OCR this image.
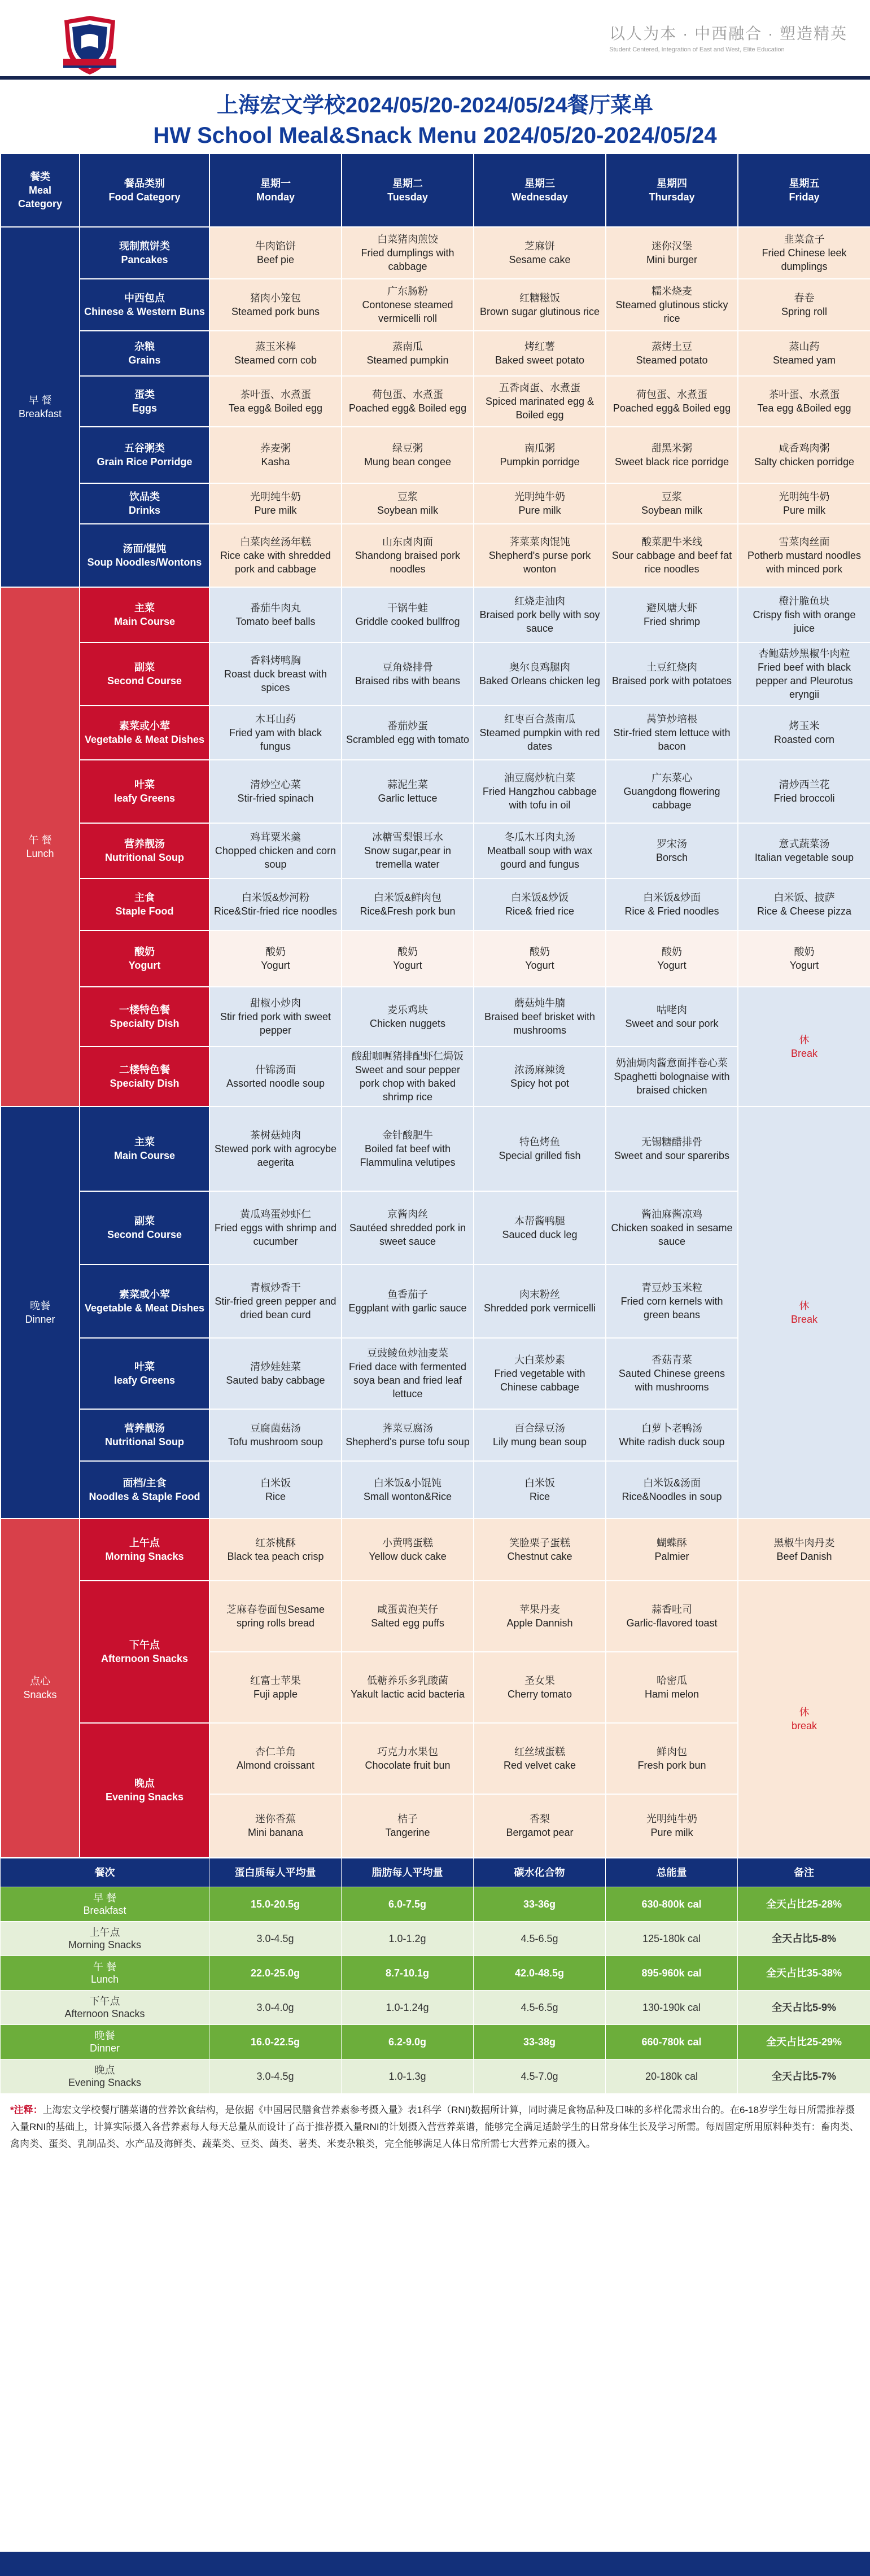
以人为本 · 中西融合 · 塑造精英
Student Centered, Integration of East and West, Elite Education
上海宏文学校2024/05/20-2024/05/24餐厅菜单
HW School Meal&Snack Menu 2024/05/20-2024/05/24
餐类
Meal
Category	餐品类别
Food Category	星期一
Monday	星期二
Tuesday	星期三
Wednesday	星期四
Thursday	星期五
Friday
早 餐
Breakfast	现制煎饼类
Pancakes	牛肉馅饼
Beef pie	白菜猪肉煎饺
Fried dumplings with cabbage	芝麻饼
Sesame cake	迷你汉堡
Mini burger	韭菜盒子
Fried Chinese leek dumplings
	中西包点
Chinese & Western Buns	猪肉小笼包
Steamed pork buns	广东肠粉
Contonese steamed vermicelli roll	红糖糍饭
Brown sugar glutinous rice	糯米烧麦
Steamed glutinous sticky rice	春卷
Spring roll
	杂粮
Grains	蒸玉米棒
Steamed corn cob	蒸南瓜
Steamed pumpkin	烤红薯
Baked sweet potato	蒸烤土豆
Steamed potato	蒸山药
Steamed yam
	蛋类
Eggs	茶叶蛋、水煮蛋
Tea egg& Boiled egg	荷包蛋、水煮蛋
Poached egg& Boiled egg	五香卤蛋、水煮蛋
Spiced marinated egg & Boiled egg	荷包蛋、水煮蛋
Poached egg& Boiled egg	茶叶蛋、水煮蛋
Tea egg &Boiled egg
	五谷粥类
Grain Rice Porridge	荞麦粥
Kasha	绿豆粥
Mung bean congee	南瓜粥
Pumpkin porridge	甜黑米粥
Sweet black rice porridge	咸香鸡肉粥
Salty chicken porridge
	饮品类
Drinks	光明纯牛奶
Pure milk	豆浆
Soybean milk	光明纯牛奶
Pure milk	豆浆
Soybean milk	光明纯牛奶
Pure milk
	汤面/馄饨
Soup Noodles/Wontons	白菜肉丝汤年糕
Rice cake with shredded pork and cabbage	山东卤肉面
Shandong braised pork noodles	荠菜菜肉馄饨
Shepherd's purse pork wonton	酸菜肥牛米线
Sour cabbage and beef fat rice noodles	雪菜肉丝面
Potherb mustard noodles with minced pork
午 餐
Lunch	主菜
Main Course	番茄牛肉丸
Tomato beef balls	干锅牛蛙
Griddle cooked bullfrog	红烧走油肉
Braised pork belly with soy sauce	避风塘大虾
Fried shrimp	橙汁脆鱼块
Crispy fish with orange juice
	副菜
Second Course	香料烤鸭胸
Roast duck breast with spices	豆角烧排骨
Braised ribs with beans	奥尔良鸡腿肉
Baked Orleans chicken leg	土豆红烧肉
Braised pork with potatoes	杏鲍菇炒黑椒牛肉粒
Fried beef with black pepper and Pleurotus eryngii
	素菜或小荤
Vegetable & Meat Dishes	木耳山药
Fried yam with black fungus	番茄炒蛋
Scrambled egg with tomato	红枣百合蒸南瓜
Steamed pumpkin with red dates	莴笋炒培根
Stir-fried stem lettuce with bacon	烤玉米
Roasted corn
	叶菜
leafy Greens	清炒空心菜
Stir-fried spinach	蒜泥生菜
Garlic lettuce	油豆腐炒杭白菜
Fried Hangzhou cabbage with tofu in oil	广东菜心
Guangdong flowering cabbage	清炒西兰花
Fried broccoli
	营养靓汤
Nutritional Soup	鸡茸粟米羹
Chopped chicken and corn soup	冰糖雪梨银耳水
Snow sugar,pear in tremella water	冬瓜木耳肉丸汤
Meatball soup with wax gourd and fungus	罗宋汤
Borsch	意式蔬菜汤
Italian vegetable soup
	主食
Staple Food	白米饭&炒河粉
Rice&Stir-fried rice noodles	白米饭&鲜肉包
Rice&Fresh pork bun	白米饭&炒饭
Rice& fried rice	白米饭&炒面
Rice & Fried noodles	白米饭、披萨
Rice & Cheese pizza
	酸奶
Yogurt	酸奶
Yogurt	酸奶
Yogurt	酸奶
Yogurt	酸奶
Yogurt	酸奶
Yogurt
	一楼特色餐
Specialty Dish	甜椒小炒肉
Stir fried pork with sweet pepper	麦乐鸡块
Chicken nuggets	蘑菇炖牛腩
Braised beef brisket with mushrooms	咕咾肉
Sweet and sour pork	休
Break
	二楼特色餐
Specialty Dish	什锦汤面
Assorted noodle soup	酸甜咖喱猪排配虾仁焗饭
Sweet and sour pepper pork chop with baked shrimp rice	浓汤麻辣烫
Spicy hot pot	奶油焗肉酱意面拌卷心菜
Spaghetti bolognaise with braised chicken	
晚餐
Dinner	主菜
Main Course	茶树菇炖肉
Stewed pork with agrocybe aegerita	金针酸肥牛
Boiled fat beef with Flammulina velutipes	特色烤鱼
Special grilled fish	无锡糖醋排骨
Sweet and sour spareribs	休
Break
	副菜
Second Course	黄瓜鸡蛋炒虾仁
Fried eggs with shrimp and cucumber	京酱肉丝
Sautéed shredded pork in sweet sauce	本帮酱鸭腿
Sauced duck leg	酱油麻酱凉鸡
Chicken soaked in sesame sauce	
	素菜或小荤
Vegetable & Meat Dishes	青椒炒香干
Stir-fried green pepper and dried bean curd	鱼香茄子
Eggplant with garlic sauce	肉末粉丝
Shredded pork vermicelli	青豆炒玉米粒
Fried corn kernels with green beans	
	叶菜
leafy Greens	清炒娃娃菜
Sauted baby cabbage	豆豉鲮鱼炒油麦菜
Fried dace with fermented soya bean and fried leaf lettuce	大白菜炒素
Fried vegetable with Chinese cabbage	香菇青菜
Sauted Chinese greens with mushrooms	
	营养靓汤
Nutritional Soup	豆腐菌菇汤
Tofu mushroom soup	荠菜豆腐汤
Shepherd's purse tofu soup	百合绿豆汤
Lily mung bean soup	白萝卜老鸭汤
White radish duck soup	
	面档/主食
Noodles & Staple Food	白米饭
Rice	白米饭&小馄饨
Small wonton&Rice	白米饭
Rice	白米饭&汤面
Rice&Noodles in soup	
点心
Snacks	上午点
Morning Snacks	红茶桃酥
Black tea peach crisp	小黄鸭蛋糕
Yellow duck cake	笑脸栗子蛋糕
Chestnut cake	蝴蝶酥
Palmier	黑椒牛肉丹麦
Beef Danish
	下午点
Afternoon Snacks	芝麻春卷面包Sesame spring rolls bread	咸蛋黄泡芙仔
Salted egg puffs	苹果丹麦
Apple Dannish	蒜香吐司
Garlic-flavored toast	休
break
		红富士苹果
Fuji apple	低糖养乐多乳酸菌
Yakult lactic acid bacteria	圣女果
Cherry tomato	哈密瓜
Hami melon	
	晚点
Evening Snacks	杏仁羊角
Almond croissant	巧克力水果包
Chocolate fruit bun	红丝绒蛋糕
Red velvet cake	鲜肉包
Fresh pork bun	
		迷你香蕉
Mini banana	桔子
Tangerine	香梨
Bergamot pear	光明纯牛奶
Pure milk	
餐次	蛋白质每人平均量	脂肪每人平均量	碳水化合物	总能量	备注
早 餐
Breakfast	15.0-20.5g	6.0-7.5g	33-36g	630-800k cal	全天占比25-28%
上午点
Morning Snacks	3.0-4.5g	1.0-1.2g	4.5-6.5g	125-180k cal	全天占比5-8%
午 餐
Lunch	22.0-25.0g	8.7-10.1g	42.0-48.5g	895-960k cal	全天占比35-38%
下午点
Afternoon Snacks	3.0-4.0g	1.0-1.24g	4.5-6.5g	130-190k cal	全天占比5-9%
晚餐
Dinner	16.0-22.5g	6.2-9.0g	33-38g	660-780k cal	全天占比25-29%
晚点
Evening Snacks	3.0-4.5g	1.0-1.3g	4.5-7.0g	20-180k cal	全天占比5-7%
*注释：上海宏文学校餐厅膳菜谱的营养饮食结构，是依据《中国居民膳食营养素参考摄入量》表1科学（RNI)数据所计算，同时满足食物品种及口味的多样化需求出台的。在6-18岁学生每日所需推荐摄入量RNI的基础上，计算实际摄入各营养素每人每天总量从而设计了高于推荐摄入量RNI的计划摄入营营养菜谱，能够完全满足适龄学生的日常身体生长及学习所需。每周固定所用原料种类有：畜肉类、禽肉类、蛋类、乳制品类、水产品及海鲜类、蔬菜类、豆类、菌类、薯类、米麦杂粮类，完全能够满足人体日常所需七大营养元素的摄入。
